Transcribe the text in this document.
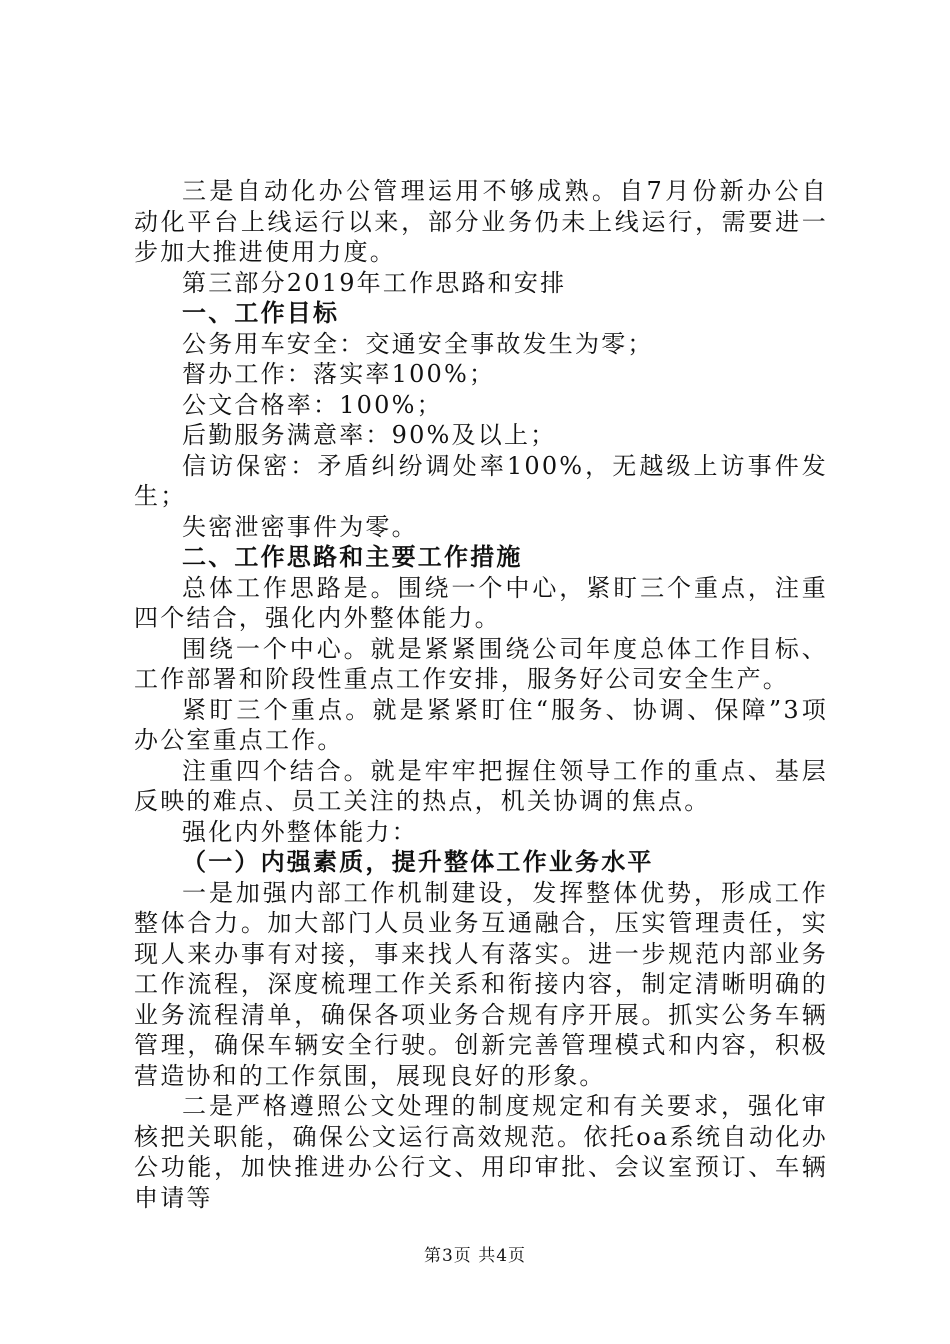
三是自动化办公管理运用不够成熟。自7月份新办公自动化平台上线运行以来，部分业务仍未上线运行，需要进一步加大推进使用力度。

第三部分2019年工作思路和安排

一、工作目标

公务用车安全：交通安全事故发生为零；

督办工作：落实率100%；

公文合格率：100%；

后勤服务满意率：90%及以上；

信访保密：矛盾纠纷调处率100%，无越级上访事件发生；

失密泄密事件为零。

二、工作思路和主要工作措施

总体工作思路是。围绕一个中心，紧盯三个重点，注重四个结合，强化内外整体能力。

围绕一个中心。就是紧紧围绕公司年度总体工作目标、工作部署和阶段性重点工作安排，服务好公司安全生产。

紧盯三个重点。就是紧紧盯住“服务、协调、保障”3项办公室重点工作。

注重四个结合。就是牢牢把握住领导工作的重点、基层反映的难点、员工关注的热点，机关协调的焦点。

强化内外整体能力：

（一）内强素质，提升整体工作业务水平

一是加强内部工作机制建设，发挥整体优势，形成工作整体合力。加大部门人员业务互通融合，压实管理责任，实现人来办事有对接，事来找人有落实。进一步规范内部业务工作流程，深度梳理工作关系和衔接内容，制定清晰明确的业务流程清单，确保各项业务合规有序开展。抓实公务车辆管理，确保车辆安全行驶。创新完善管理模式和内容，积极营造协和的工作氛围，展现良好的形象。

二是严格遵照公文处理的制度规定和有关要求，强化审核把关职能，确保公文运行高效规范。依托oa系统自动化办公功能，加快推进办公行文、用印审批、会议室预订、车辆申请等

第3页 共4页
